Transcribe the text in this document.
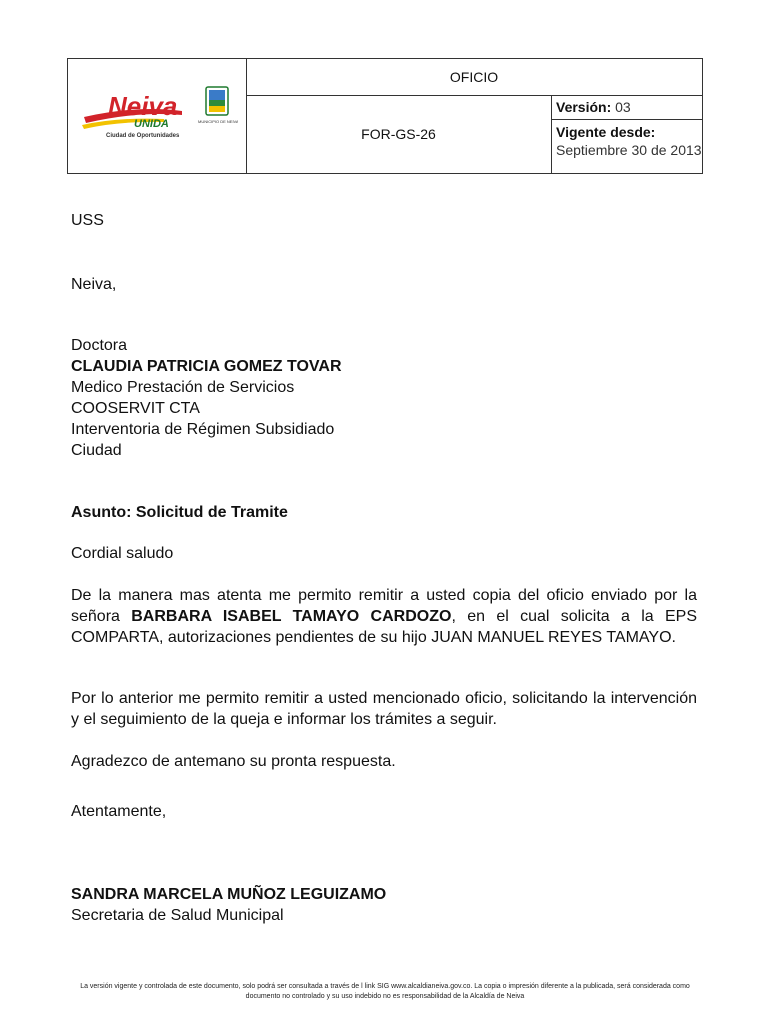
Neiva
UNIDA
Ciudad de Oportunidades
MUNICIPIO DE NEIVA
OFICIO
FOR-GS-26
Versión: 03
Vigente desde:
Septiembre 30 de 2013
USS
Neiva,
Doctora
CLAUDIA PATRICIA GOMEZ TOVAR
Medico Prestación de Servicios
COOSERVIT CTA
Interventoria de Régimen Subsidiado
Ciudad
Asunto: Solicitud de Tramite
Cordial saludo
De la manera mas atenta me permito remitir a usted copia del oficio enviado por la señora BARBARA ISABEL TAMAYO CARDOZO, en el cual solicita a la EPS COMPARTA, autorizaciones pendientes de su hijo JUAN MANUEL REYES TAMAYO.
Por lo anterior me permito remitir a usted mencionado oficio, solicitando la intervención y el seguimiento de la queja e informar los trámites a seguir.
Agradezco de antemano su pronta respuesta.
Atentamente,
SANDRA MARCELA MUÑOZ LEGUIZAMO
Secretaria de Salud Municipal
La versión vigente y controlada de este documento, solo podrá ser consultada a través de l link SIG www.alcaldianeiva.gov.co. La copia o impresión diferente a la publicada, será considerada como documento no controlado y su uso indebido no es responsabilidad de la Alcaldía de Neiva
